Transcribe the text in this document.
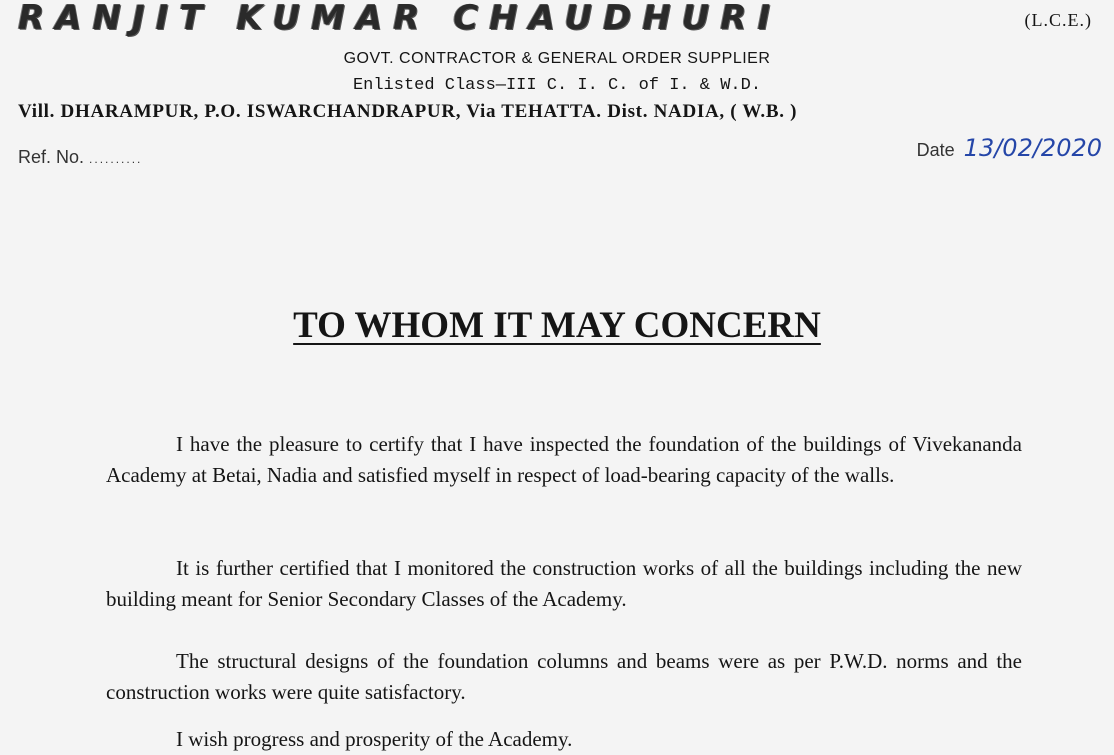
RANJIT KUMAR CHAUDHURI	(L.C.E.)
GOVT. CONTRACTOR & GENERAL ORDER SUPPLIER
Enlisted Class—III C. I. C. of I. & W.D.
Vill. DHARAMPUR, P.O. ISWARCHANDRAPUR, Via TEHATTA. Dist. NADIA, ( W.B. )
Ref. No. ..........	Date 13/02/2020
TO WHOM IT MAY CONCERN

I have the pleasure to certify that I have inspected the foundation of the buildings of Vivekananda Academy at Betai, Nadia and satisfied myself in respect of load-bearing capacity of the walls.

It is further certified that I monitored the construction works of all the buildings including the new building meant for Senior Secondary Classes of the Academy.

The structural designs of the foundation columns and beams were as per P.W.D. norms and the construction works were quite satisfactory.

I wish progress and prosperity of the Academy.
